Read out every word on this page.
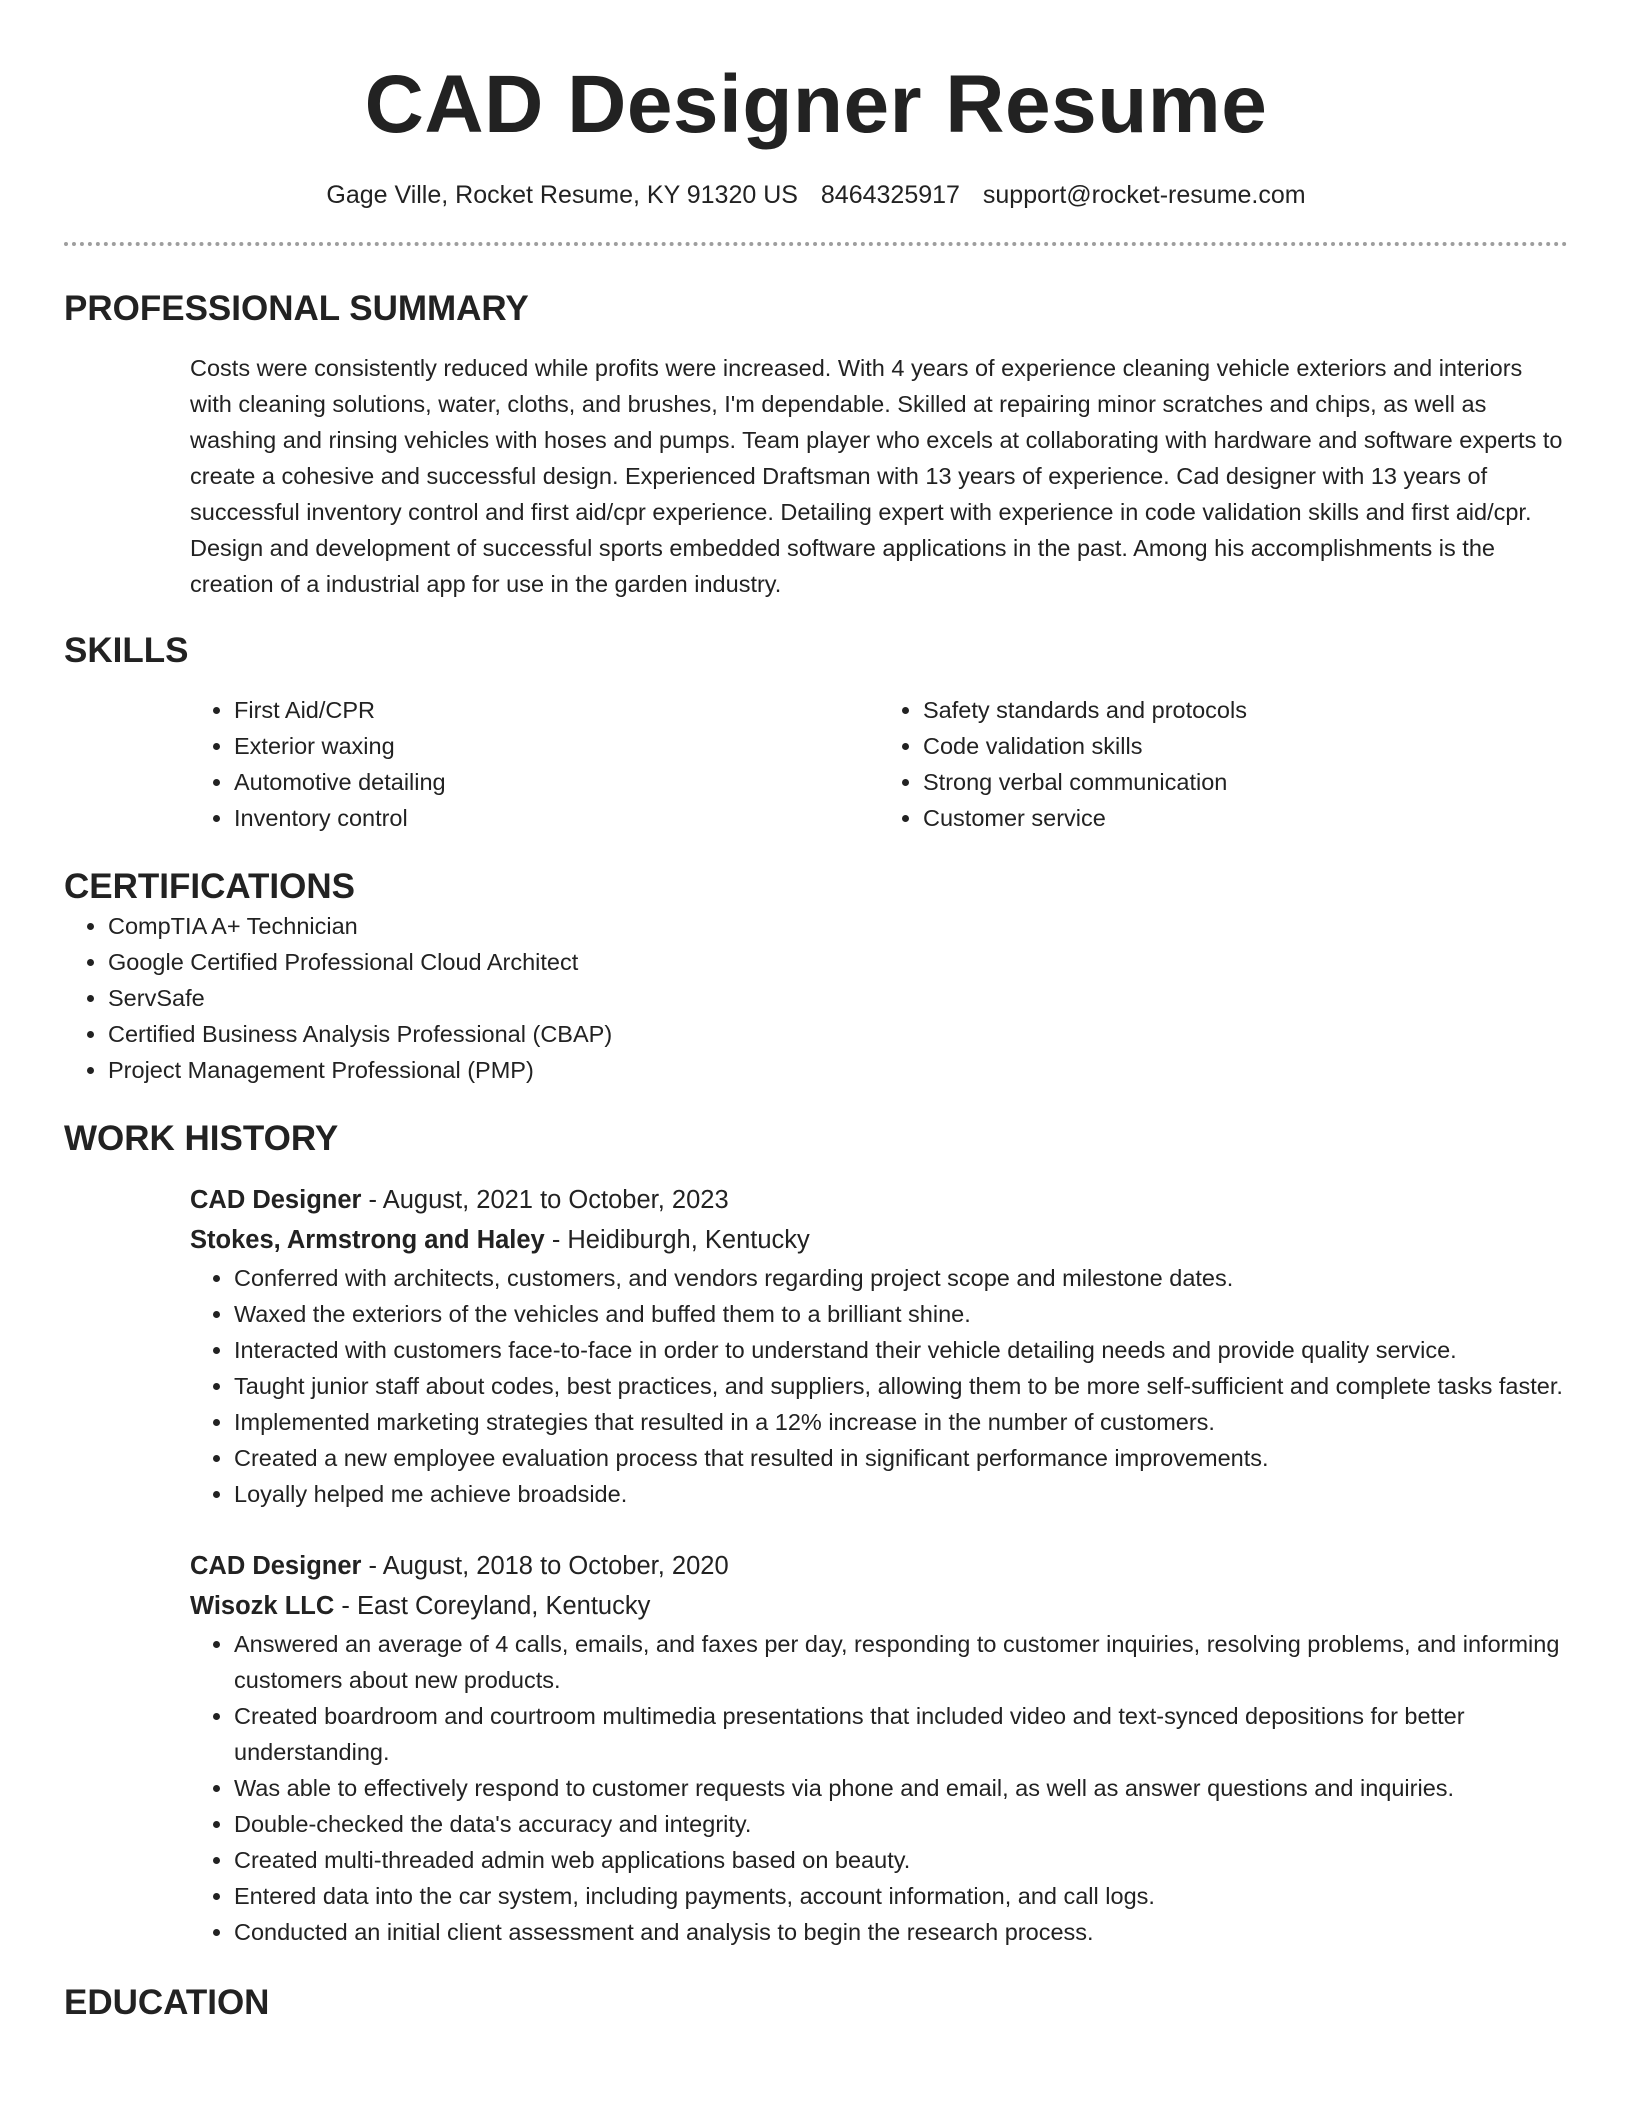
CAD Designer Resume
Gage Ville, Rocket Resume, KY 91320 US 8464325917 support@rocket-resume.com
PROFESSIONAL SUMMARY

Costs were consistently reduced while profits were increased. With 4 years of experience cleaning vehicle exteriors and interiors with cleaning solutions, water, cloths, and brushes, I'm dependable. Skilled at repairing minor scratches and chips, as well as washing and rinsing vehicles with hoses and pumps. Team player who excels at collaborating with hardware and software experts to create a cohesive and successful design. Experienced Draftsman with 13 years of experience. Cad designer with 13 years of successful inventory control and first aid/cpr experience. Detailing expert with experience in code validation skills and first aid/cpr. Design and development of successful sports embedded software applications in the past. Among his accomplishments is the creation of a industrial app for use in the garden industry.

SKILLS
• First Aid/CPR
• Exterior waxing
• Automotive detailing
• Inventory control
• Safety standards and protocols
• Code validation skills
• Strong verbal communication
• Customer service
CERTIFICATIONS
• CompTIA A+ Technician
• Google Certified Professional Cloud Architect
• ServSafe
• Certified Business Analysis Professional (CBAP)
• Project Management Professional (PMP)
WORK HISTORY
CAD Designer - August, 2021 to October, 2023
Stokes, Armstrong and Haley - Heidiburgh, Kentucky
• Conferred with architects, customers, and vendors regarding project scope and milestone dates.
• Waxed the exteriors of the vehicles and buffed them to a brilliant shine.
• Interacted with customers face-to-face in order to understand their vehicle detailing needs and provide quality service.
• Taught junior staff about codes, best practices, and suppliers, allowing them to be more self-sufficient and complete tasks faster.
• Implemented marketing strategies that resulted in a 12% increase in the number of customers.
• Created a new employee evaluation process that resulted in significant performance improvements.
• Loyally helped me achieve broadside.
CAD Designer - August, 2018 to October, 2020
Wisozk LLC - East Coreyland, Kentucky
• Answered an average of 4 calls, emails, and faxes per day, responding to customer inquiries, resolving problems, and informing customers about new products.
• Created boardroom and courtroom multimedia presentations that included video and text-synced depositions for better understanding.
• Was able to effectively respond to customer requests via phone and email, as well as answer questions and inquiries.
• Double-checked the data's accuracy and integrity.
• Created multi-threaded admin web applications based on beauty.
• Entered data into the car system, including payments, account information, and call logs.
• Conducted an initial client assessment and analysis to begin the research process.
EDUCATION
